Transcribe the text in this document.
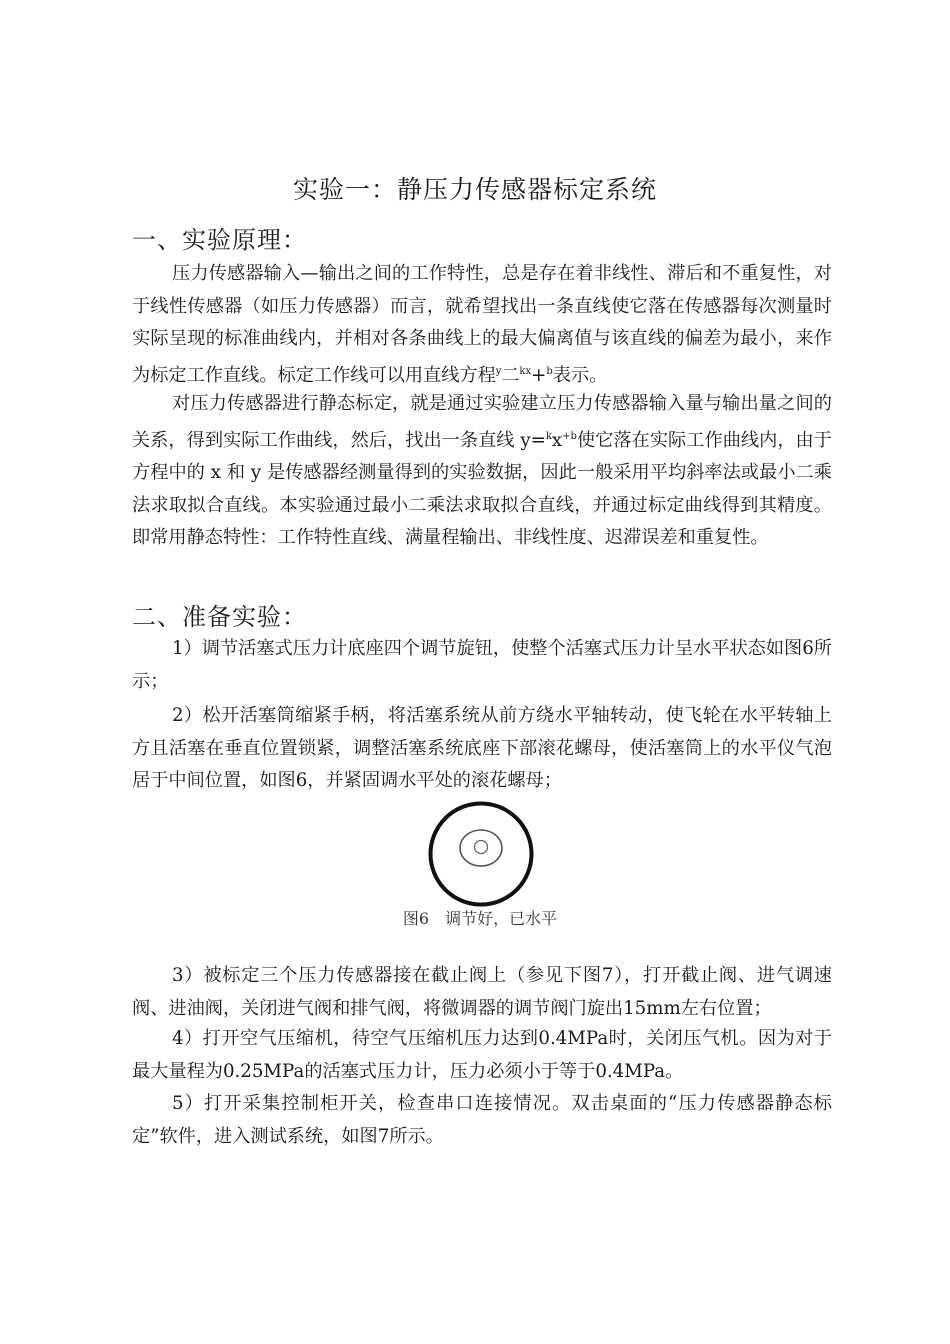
实验一：静压力传感器标定系统
一、实验原理：

压力传感器输入—输出之间的工作特性，总是存在着非线性、滞后和不重复性，对于线性传感器（如压力传感器）而言，就希望找出一条直线使它落在传感器每次测量时实际呈现的标准曲线内，并相对各条曲线上的最大偏离值与该直线的偏差为最小，来作为标定工作直线。标定工作线可以用直线方程$^y$二$^{kx}$+$^b$表示。

对压力传感器进行静态标定，就是通过实验建立压力传感器输入量与输出量之间的关系，得到实际工作曲线，然后，找出一条直线 $y=^kx^{+b}$使它落在实际工作曲线内，由于方程中的 x 和 y 是传感器经测量得到的实验数据，因此一般采用平均斜率法或最小二乘法求取拟合直线。本实验通过最小二乘法求取拟合直线，并通过标定曲线得到其精度。即常用静态特性：工作特性直线、满量程输出、非线性度、迟滞误差和重复性。

二、准备实验：

1）调节活塞式压力计底座四个调节旋钮，使整个活塞式压力计呈水平状态如图6所示；

2）松开活塞筒缩紧手柄，将活塞系统从前方绕水平轴转动，使飞轮在水平转轴上方且活塞在垂直位置锁紧，调整活塞系统底座下部滚花螺母，使活塞筒上的水平仪气泡居于中间位置，如图6，并紧固调水平处的滚花螺母；

图6　调节好，已水平

3）被标定三个压力传感器接在截止阀上（参见下图7），打开截止阀、进气调速阀、进油阀，关闭进气阀和排气阀，将微调器的调节阀门旋出15mm左右位置；

4）打开空气压缩机，待空气压缩机压力达到0.4MPa时，关闭压气机。因为对于最大量程为0.25MPa的活塞式压力计，压力必须小于等于0.4MPa。

5）打开采集控制柜开关，检查串口连接情况。双击桌面的“压力传感器静态标定”软件，进入测试系统，如图7所示。
